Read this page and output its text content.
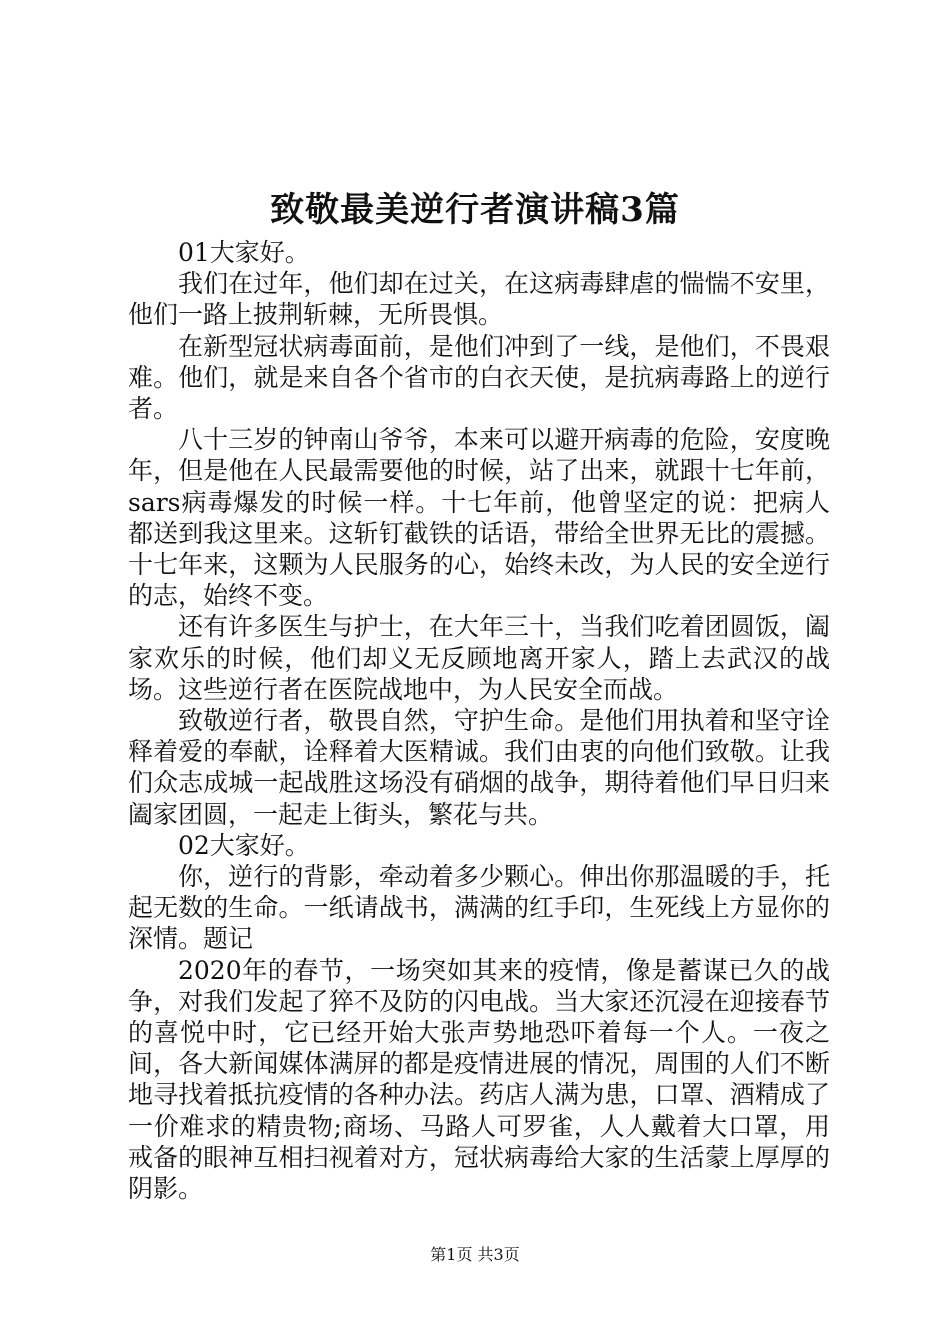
致敬最美逆行者演讲稿3篇

01大家好。

我们在过年，他们却在过关，在这病毒肆虐的惴惴不安里，他们一路上披荆斩棘，无所畏惧。

在新型冠状病毒面前，是他们冲到了一线，是他们，不畏艰难。他们，就是来自各个省市的白衣天使，是抗病毒路上的逆行者。

八十三岁的钟南山爷爷，本来可以避开病毒的危险，安度晚年，但是他在人民最需要他的时候，站了出来，就跟十七年前，sars病毒爆发的时候一样。十七年前，他曾坚定的说：把病人都送到我这里来。这斩钉截铁的话语，带给全世界无比的震撼。十七年来，这颗为人民服务的心，始终未改，为人民的安全逆行的志，始终不变。

还有许多医生与护士，在大年三十，当我们吃着团圆饭，阖家欢乐的时候，他们却义无反顾地离开家人，踏上去武汉的战场。这些逆行者在医院战地中，为人民安全而战。

致敬逆行者，敬畏自然，守护生命。是他们用执着和坚守诠释着爱的奉献，诠释着大医精诚。我们由衷的向他们致敬。让我们众志成城一起战胜这场没有硝烟的战争，期待着他们早日归来阖家团圆，一起走上街头，繁花与共。

02大家好。

你，逆行的背影，牵动着多少颗心。伸出你那温暖的手，托起无数的生命。一纸请战书，满满的红手印，生死线上方显你的深情。题记

2020年的春节，一场突如其来的疫情，像是蓄谋已久的战争，对我们发起了猝不及防的闪电战。当大家还沉浸在迎接春节的喜悦中时，它已经开始大张声势地恐吓着每一个人。一夜之间，各大新闻媒体满屏的都是疫情进展的情况，周围的人们不断地寻找着抵抗疫情的各种办法。药店人满为患，口罩、酒精成了一价难求的精贵物;商场、马路人可罗雀，人人戴着大口罩，用戒备的眼神互相扫视着对方，冠状病毒给大家的生活蒙上厚厚的阴影。

第1页 共3页
